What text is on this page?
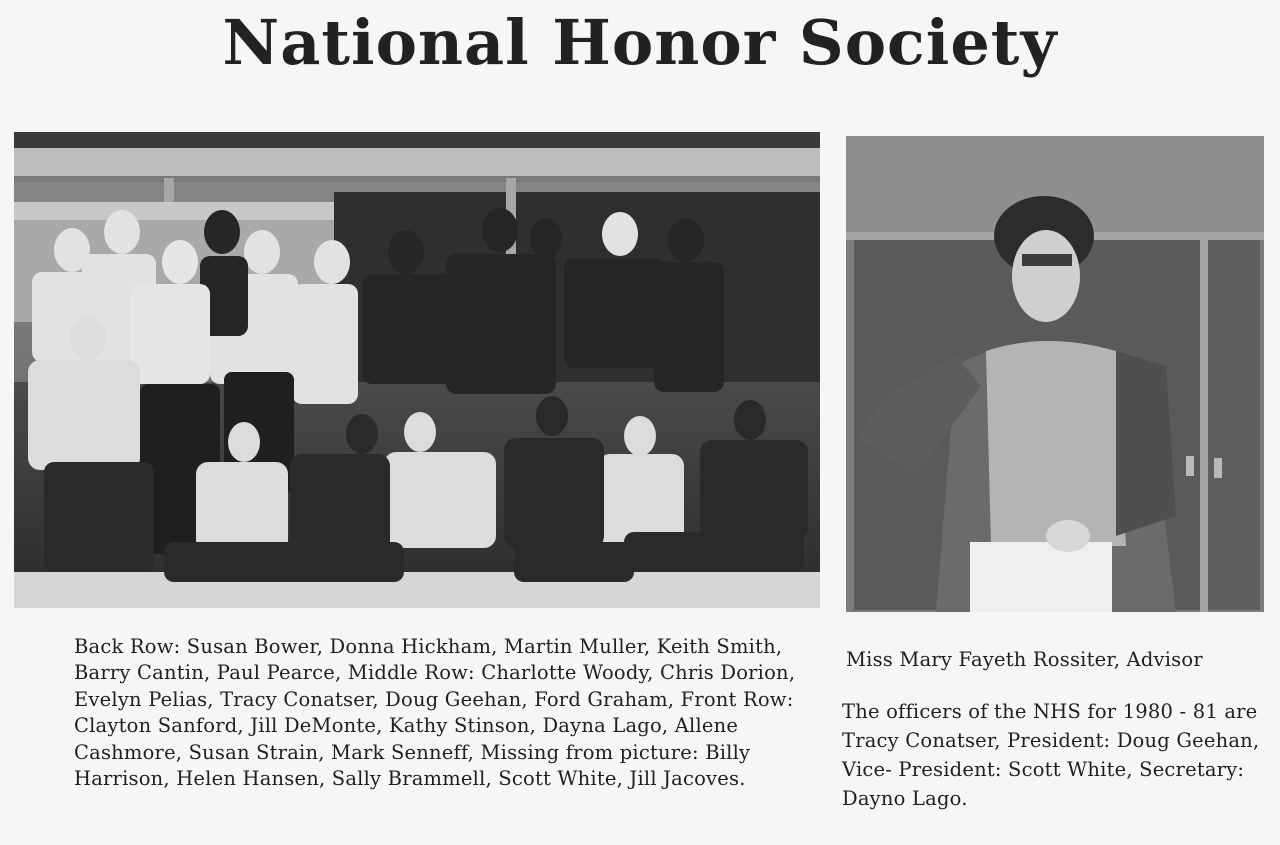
National Honor Society
Back Row: Susan Bower, Donna Hickham, Martin Muller, Keith Smith, Barry Cantin, Paul Pearce, Middle Row: Charlotte Woody, Chris Dorion, Evelyn Pelias, Tracy Conatser, Doug Geehan, Ford Graham, Front Row: Clayton Sanford, Jill DeMonte, Kathy Stinson, Dayna Lago, Allene Cashmore, Susan Strain, Mark Senneff, Missing from picture: Billy Harrison, Helen Hansen, Sally Brammell, Scott White, Jill Jacoves.
Miss Mary Fayeth Rossiter, Advisor
The officers of the NHS for 1980 - 81 are Tracy Conatser, President: Doug Geehan, Vice- President: Scott White, Secretary: Dayno Lago.
